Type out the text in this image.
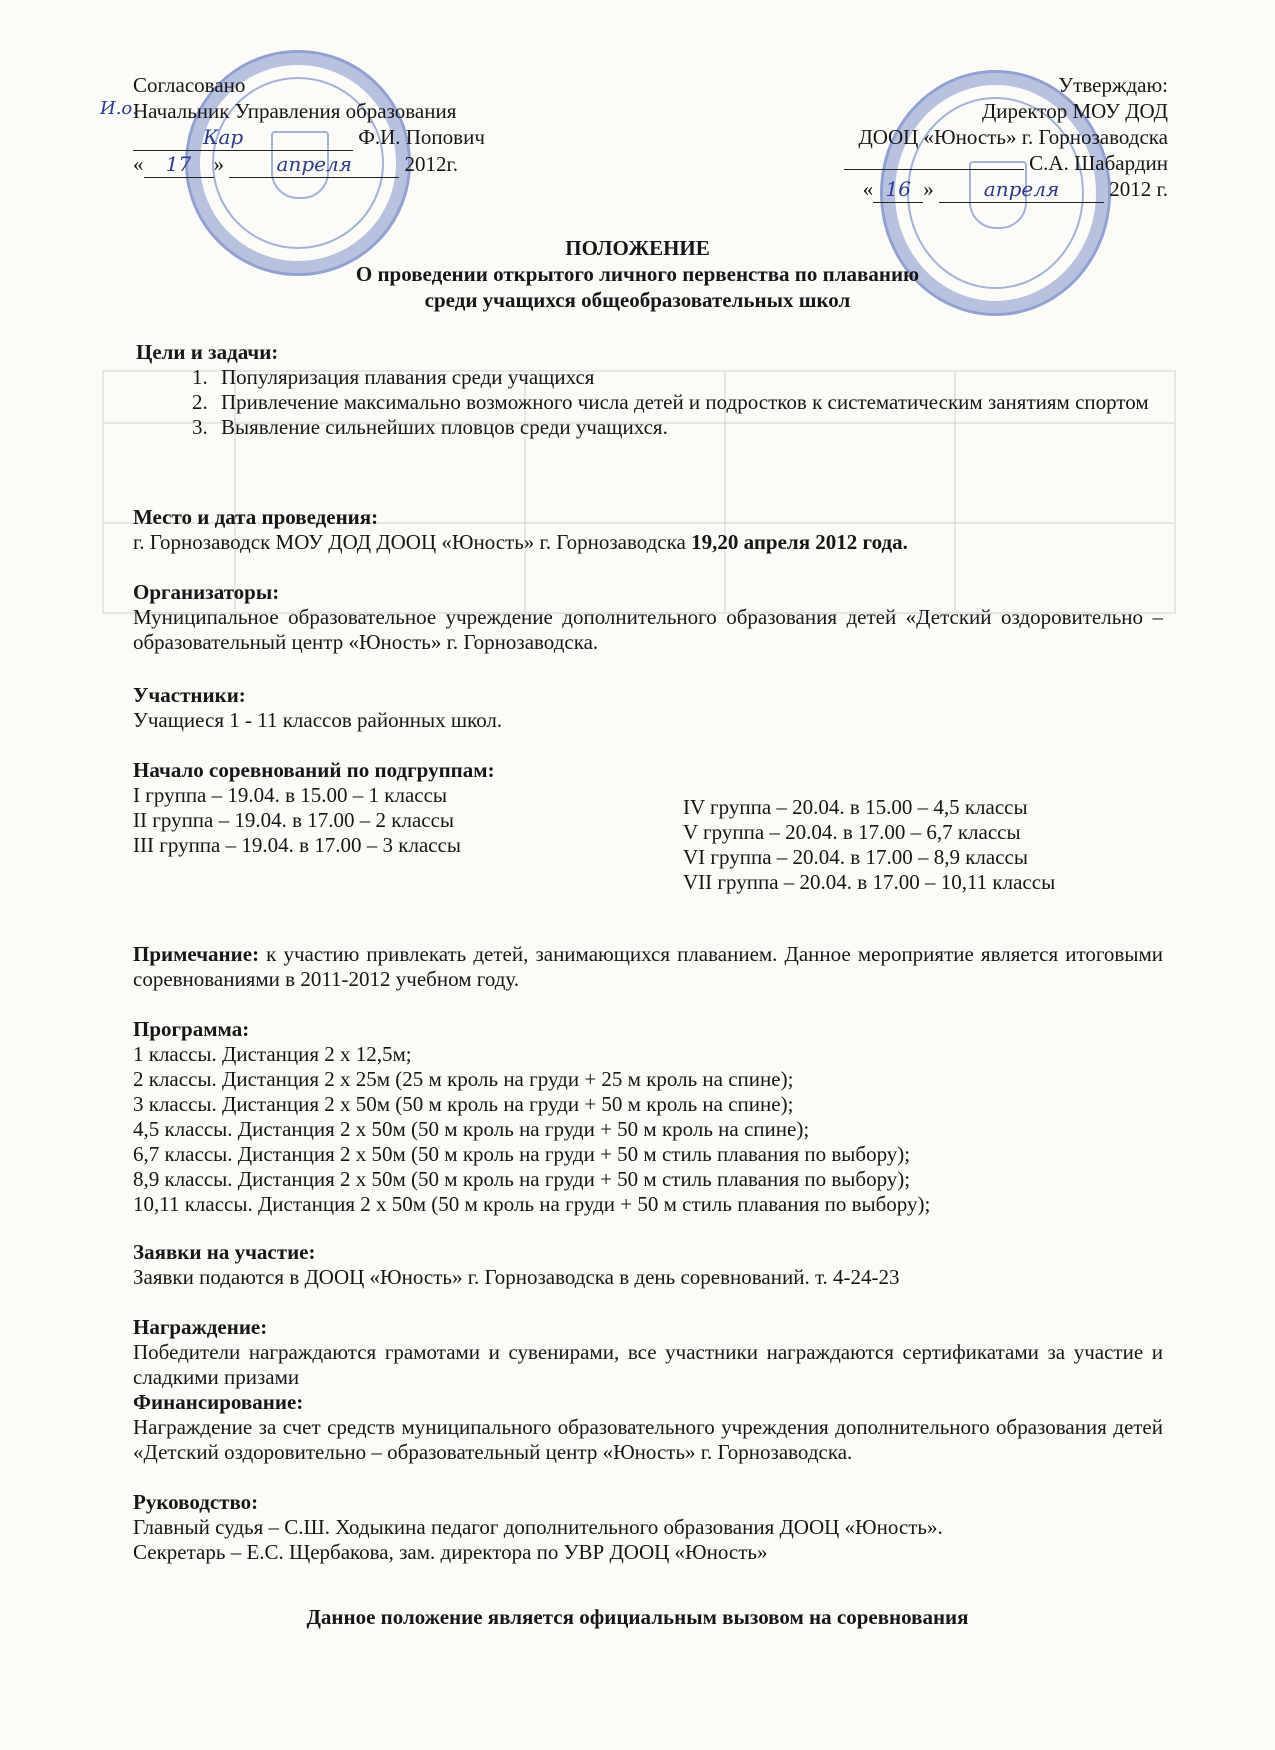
Согласовано
Начальник Управления образования
Кар	Ф.И. Попович
« 17 »	апреля	2012г.
И.о.
Утверждаю:
Директор МОУ ДОД
ДООЦ «Юность» г. Горнозаводска
С.А. Шабардин
« 16 »	апреля 2012 г.
ПОЛОЖЕНИЕ
О проведении открытого личного первенства по плаванию
среди учащихся общеобразовательных школ
Цели и задачи:
1. Популяризация плавания среди учащихся
2. Привлечение максимально возможного числа детей и подростков к систематическим занятиям спортом
3. Выявление сильнейших пловцов среди учащихся.
Место и дата проведения:
г. Горнозаводск МОУ ДОД ДООЦ «Юность» г. Горнозаводска 19,20 апреля 2012 года.
Организаторы:
Муниципальное образовательное учреждение дополнительного образования детей «Детский оздоровительно – образовательный центр «Юность» г. Горнозаводска.
Участники:
Учащиеся 1 - 11 классов районных школ.
Начало соревнований по подгруппам:
I группа – 19.04. в 15.00 – 1 классы
II группа – 19.04. в 17.00 – 2 классы
III группа – 19.04. в 17.00 – 3 классы
IV группа – 20.04. в 15.00 – 4,5 классы
V группа – 20.04. в 17.00 – 6,7 классы
VI группа – 20.04. в 17.00 – 8,9 классы
VII группа – 20.04. в 17.00 – 10,11 классы
Примечание: к участию привлекать детей, занимающихся плаванием. Данное мероприятие является итоговыми соревнованиями в 2011-2012 учебном году.
Программа:
1 классы. Дистанция 2 х 12,5м;
2 классы. Дистанция 2 х 25м (25 м кроль на груди + 25 м кроль на спине);
3 классы. Дистанция 2 х 50м (50 м кроль на груди + 50 м кроль на спине);
4,5 классы. Дистанция 2 х 50м (50 м кроль на груди + 50 м кроль на спине);
6,7 классы. Дистанция 2 х 50м (50 м кроль на груди + 50 м стиль плавания по выбору);
8,9 классы. Дистанция 2 х 50м (50 м кроль на груди + 50 м стиль плавания по выбору);
10,11 классы. Дистанция 2 х 50м (50 м кроль на груди + 50 м стиль плавания по выбору);
Заявки на участие:
Заявки подаются в ДООЦ «Юность» г. Горнозаводска в день соревнований. т. 4-24-23
Награждение:
Победители награждаются грамотами и сувенирами, все участники награждаются сертификатами за участие и сладкими призами
Финансирование:
Награждение за счет средств муниципального образовательного учреждения дополнительного образования детей «Детский оздоровительно – образовательный центр «Юность» г. Горнозаводска.
Руководство:
Главный судья – С.Ш. Ходыкина педагог дополнительного образования ДООЦ «Юность».
Секретарь – Е.С. Щербакова, зам. директора по УВР ДООЦ «Юность»
Данное положение является официальным вызовом на соревнования
